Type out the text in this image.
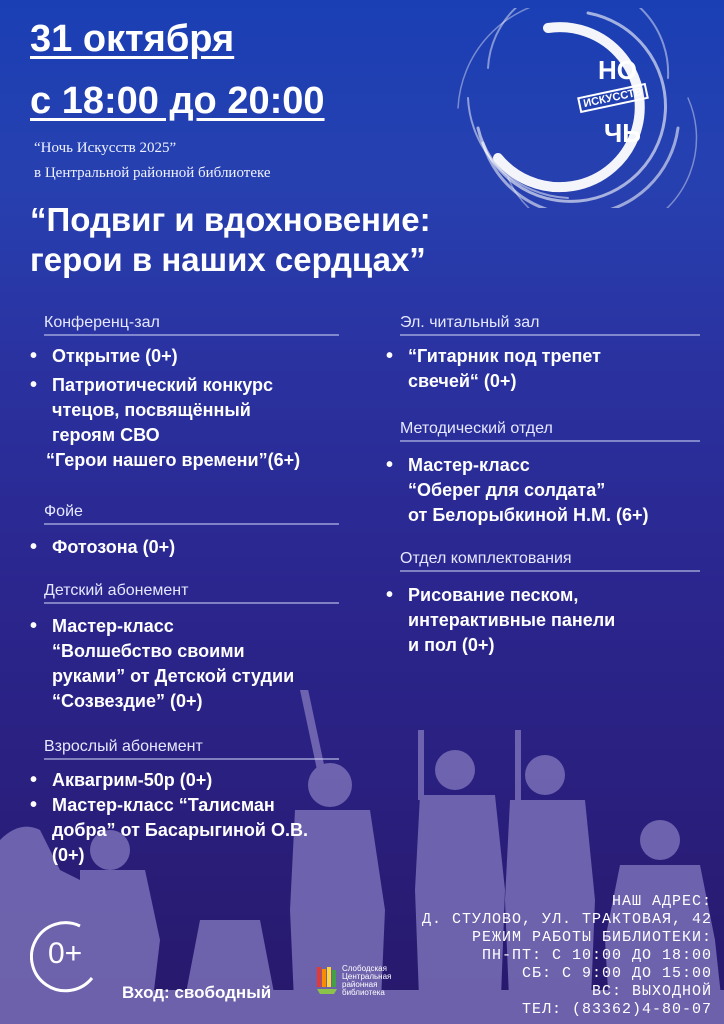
НО
ИСКУССТВ
ЧЬ
31 октября
с 18:00 до 20:00
“Ночь Искусств 2025”
в Центральной районной библиотеке
“Подвиг и вдохновение:
герои в наших сердцах”
Конференц-зал
• Открытие (0+)
• Патриотический конкурс
чтецов, посвящённый
героям СВО
“Герои нашего времени”(6+)
Фойе
• Фотозона (0+)
Детский абонемент
• Мастер-класс
“Волшебство своими
руками” от Детской студии
“Созвездие” (0+)
Взрослый абонемент
• Аквагрим-50р (0+)
• Мастер-класс “Талисман
добра” от Басарыгиной О.В.
(0+)
Эл. читальный зал
• “Гитарник под трепет
свечей“ (0+)
Методический отдел
• Мастер-класс
“Оберег для солдата”
от Белорыбкиной Н.М. (6+)
Отдел комплектования
• Рисование песком,
интерактивные панели
и пол (0+)
НАШ АДРЕС:
Д. СТУЛОВО, УЛ. ТРАКТОВАЯ, 42
РЕЖИМ РАБОТЫ БИБЛИОТЕКИ:
ПН-ПТ: С 10:00 ДО 18:00
СБ: С 9:00 ДО 15:00
ВС: ВЫХОДНОЙ
ТЕЛ: (83362)4-80-07
0+
Вход: свободный
Слободская
Центральная
районная
библиотека
